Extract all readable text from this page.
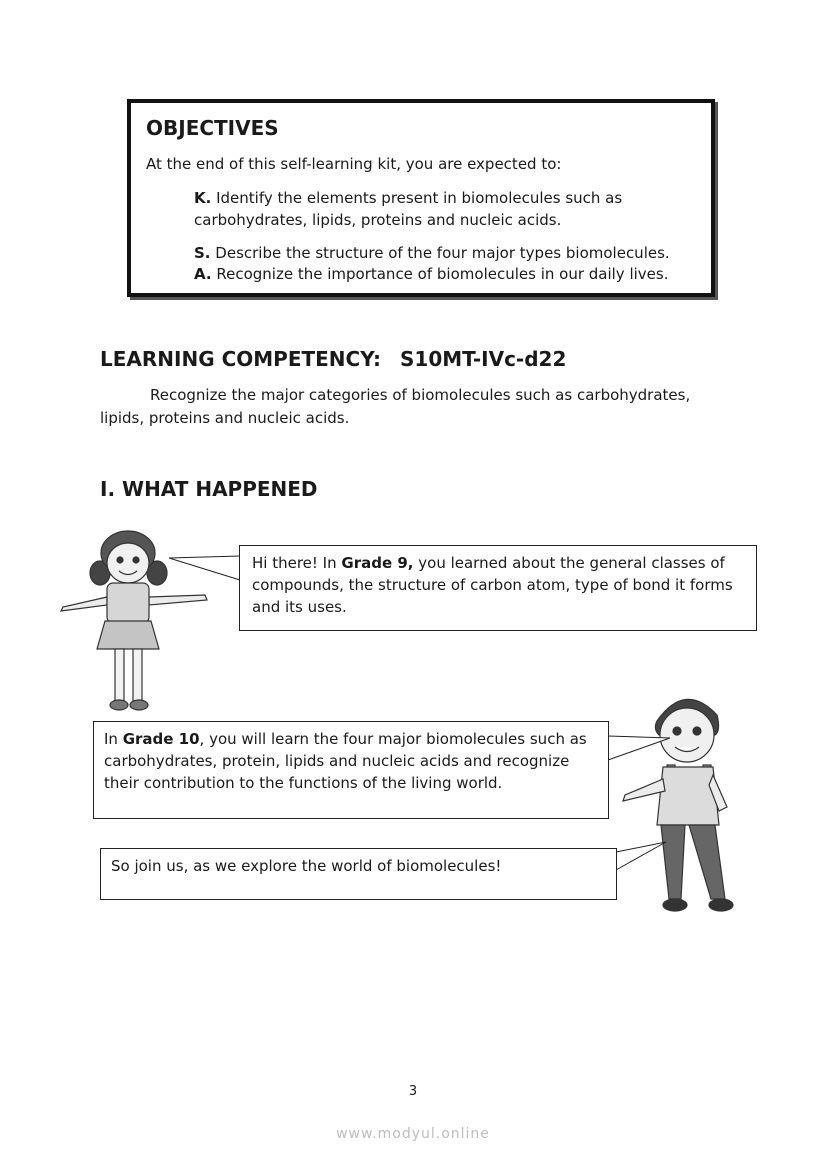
OBJECTIVES
At the end of this self-learning kit, you are expected to:
K. Identify the elements present in biomolecules such as carbohydrates, lipids, proteins and nucleic acids.
S. Describe the structure of the four major types biomolecules.
A. Recognize the importance of biomolecules in our daily lives.
LEARNING COMPETENCY: S10MT-IVc-d22
Recognize the major categories of biomolecules such as carbohydrates, lipids, proteins and nucleic acids.
I. WHAT HAPPENED
Hi there! In Grade 9, you learned about the general classes of compounds, the structure of carbon atom, type of bond it forms and its uses.
In Grade 10, you will learn the four major biomolecules such as carbohydrates, protein, lipids and nucleic acids and recognize their contribution to the functions of the living world.
So join us, as we explore the world of biomolecules!
3
www.modyul.online
